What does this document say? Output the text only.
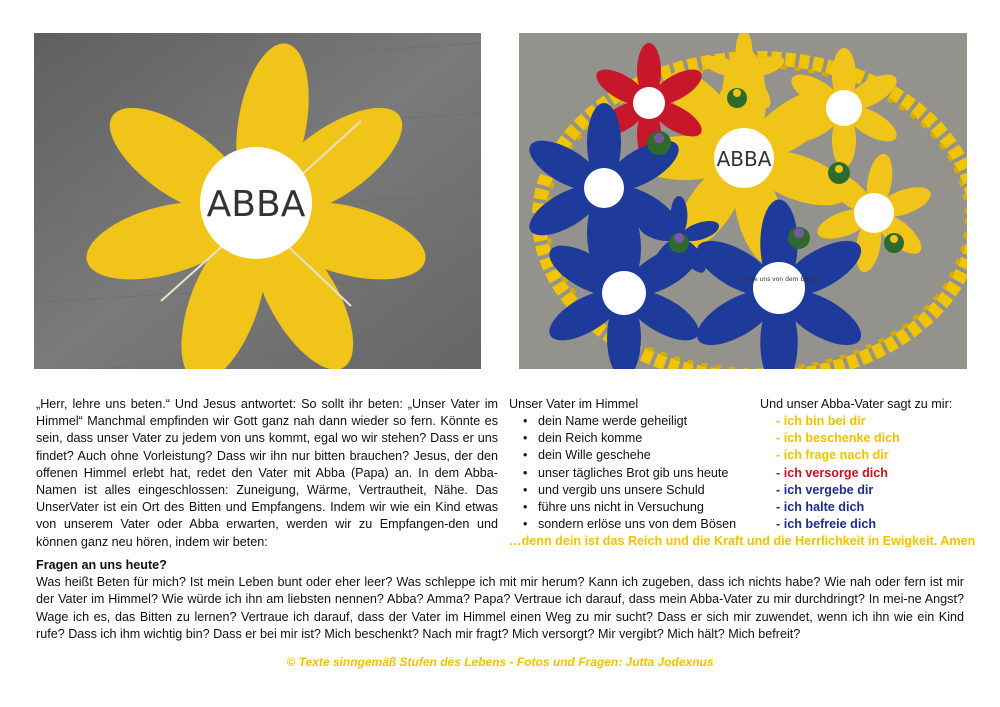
ABBA
ABBA
Erlöse uns von dem Bösen

„Herr, lehre uns beten.“ Und Jesus antwortet: So sollt ihr beten: „Unser Vater im Himmel“ Manchmal empfinden wir Gott ganz nah dann wieder so fern. Könnte es sein, dass unser Vater zu jedem von uns kommt, egal wo wir stehen? Dass er uns findet? Auch ohne Vorleistung? Dass wir ihn nur bitten brauchen? Jesus, der den offenen Himmel erlebt hat, redet den Vater mit Abba (Papa) an. In dem Abba-Namen ist alles eingeschlossen: Zuneigung, Wärme, Vertrautheit, Nähe. Das UnserVater ist ein Ort des Bitten und Empfangens. Indem wir wie ein Kind etwas von unserem Vater oder Abba erwarten, werden wir zu Empfangen-den und können ganz neu hören, indem wir beten:

Unser Vater im Himmel	Und unser Abba-Vater sagt zu mir:
• dein Name werde geheiligt	- ich bin bei dir
• dein Reich komme	- ich beschenke dich
• dein Wille geschehe	- ich frage nach dir
• unser tägliches Brot gib uns heute	- ich versorge dich
• und vergib uns unsere Schuld	- ich vergebe dir
• führe uns nicht in Versuchung	- ich halte dich
• sondern erlöse uns von dem Bösen	- ich befreie dich
…denn dein ist das Reich und die Kraft und die Herrlichkeit in Ewigkeit. Amen
Fragen an uns heute?

Was heißt Beten für mich? Ist mein Leben bunt oder eher leer? Was schleppe ich mit mir herum? Kann ich zugeben, dass ich nichts habe? Wie nah oder fern ist mir der Vater im Himmel? Wie würde ich ihn am liebsten nennen? Abba? Amma? Papa? Vertraue ich darauf, dass mein Abba-Vater zu mir durchdringt? In mei-ne Angst? Wage ich es, das Bitten zu lernen? Vertraue ich darauf, dass der Vater im Himmel einen Weg zu mir sucht? Dass er sich mir zuwendet, wenn ich ihn wie ein Kind rufe? Dass ich ihm wichtig bin? Dass er bei mir ist? Mich beschenkt? Nach mir fragt? Mich versorgt? Mir vergibt? Mich hält? Mich befreit?

© Texte sinngemäß Stufen des Lebens - Fotos und Fragen: Jutta Jodexnus
